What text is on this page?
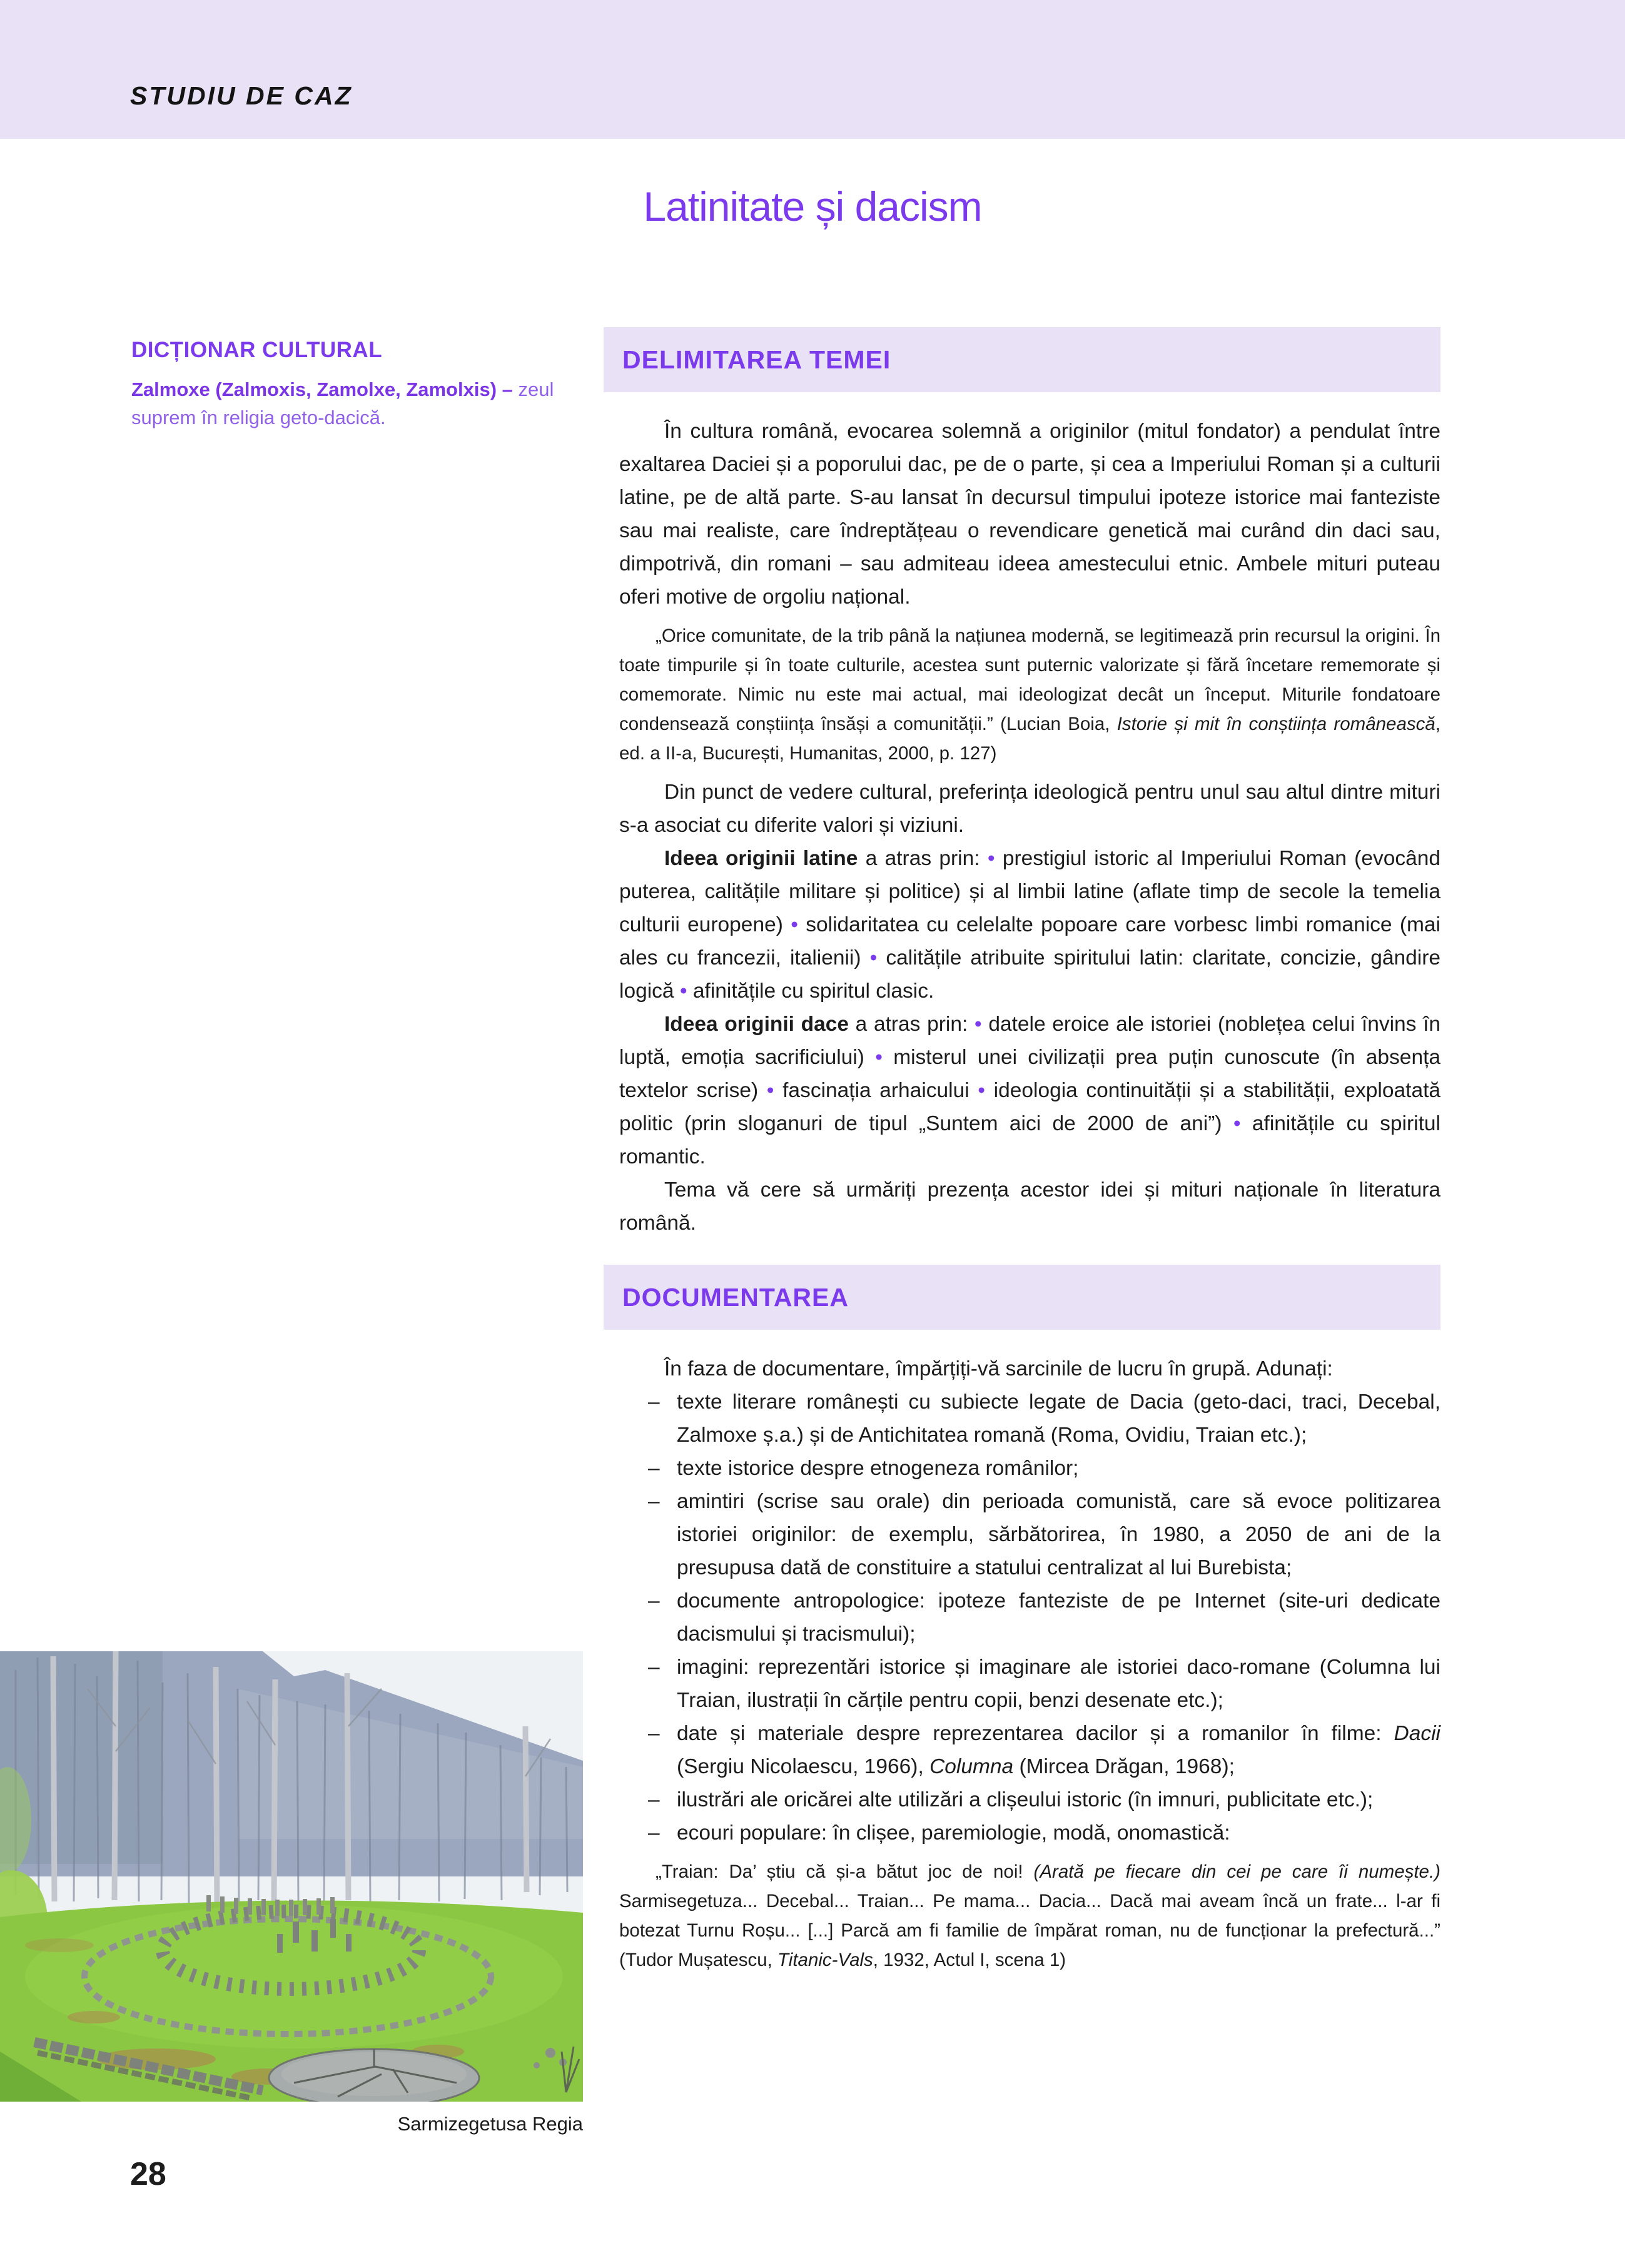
STUDIU DE CAZ
Latinitate și dacism

DICȚIONAR CULTURAL

Zalmoxe (Zalmoxis, Zamolxe, Zamolxis) – zeul suprem în religia geto-dacică.

DELIMITAREA TEMEI

În cultura română, evocarea solemnă a originilor (mitul fondator) a pendulat între exaltarea Daciei și a poporului dac, pe de o parte, și cea a Imperiului Roman și a culturii latine, pe de altă parte. S-au lansat în decursul timpului ipoteze istorice mai fanteziste sau mai realiste, care îndreptățeau o revendicare genetică mai curând din daci sau, dimpotrivă, din romani – sau admiteau ideea amestecului etnic. Ambele mituri puteau oferi motive de orgoliu național.

„Orice comunitate, de la trib până la națiunea modernă, se legitimează prin recursul la origini. În toate timpurile și în toate culturile, acestea sunt puternic valorizate și fără încetare rememorate și comemorate. Nimic nu este mai actual, mai ideologizat decât un început. Miturile fondatoare condensează conștiința însăși a comunității.” (Lucian Boia, Istorie și mit în conștiința românească, ed. a II-a, București, Humanitas, 2000, p. 127)

Din punct de vedere cultural, preferința ideologică pentru unul sau altul dintre mituri s-a asociat cu diferite valori și viziuni.

Ideea originii latine a atras prin: • prestigiul istoric al Imperiului Roman (evocând puterea, calitățile militare și politice) și al limbii latine (aflate timp de secole la temelia culturii europene) • solidaritatea cu celelalte popoare care vorbesc limbi romanice (mai ales cu francezii, italienii) • calitățile atribuite spiritului latin: claritate, concizie, gândire logică • afinitățile cu spiritul clasic.

Ideea originii dace a atras prin: • datele eroice ale istoriei (noblețea celui învins în luptă, emoția sacrificiului) • misterul unei civilizații prea puțin cunoscute (în absența textelor scrise) • fascinația arhaicului • ideologia continuității și a stabilității, exploatată politic (prin sloganuri de tipul „Suntem aici de 2000 de ani”) • afinitățile cu spiritul romantic.

Tema vă cere să urmăriți prezența acestor idei și mituri naționale în literatura română.

DOCUMENTAREA

În faza de documentare, împărțiți-vă sarcinile de lucru în grupă. Adunați:

– texte literare românești cu subiecte legate de Dacia (geto-daci, traci, Decebal, Zalmoxe ș.a.) și de Antichitatea romană (Roma, Ovidiu, Traian etc.);
– texte istorice despre etnogeneza românilor;
– amintiri (scrise sau orale) din perioada comunistă, care să evoce politizarea istoriei originilor: de exemplu, sărbătorirea, în 1980, a 2050 de ani de la presupusa dată de constituire a statului centralizat al lui Burebista;
– documente antropologice: ipoteze fanteziste de pe Internet (site-uri dedicate dacismului și tracismului);
– imagini: reprezentări istorice și imaginare ale istoriei daco-romane (Columna lui Traian, ilustrații în cărțile pentru copii, benzi desenate etc.);
– date și materiale despre reprezentarea dacilor și a romanilor în filme: Dacii (Sergiu Nicolaescu, 1966), Columna (Mircea Drăgan, 1968);
– ilustrări ale oricărei alte utilizări a clișeului istoric (în imnuri, publicitate etc.);
– ecouri populare: în clișee, paremiologie, modă, onomastică:

„Traian: Da’ știu că și-a bătut joc de noi! (Arată pe fiecare din cei pe care îi numește.) Sarmisegetuza... Decebal... Traian... Pe mama... Dacia... Dacă mai aveam încă un frate... l-ar fi botezat Turnu Roșu... [...] Parcă am fi familie de împărat roman, nu de funcționar la prefectură...” (Tudor Mușatescu, Titanic-Vals, 1932, Actul I, scena 1)

Sarmizegetusa Regia
28
